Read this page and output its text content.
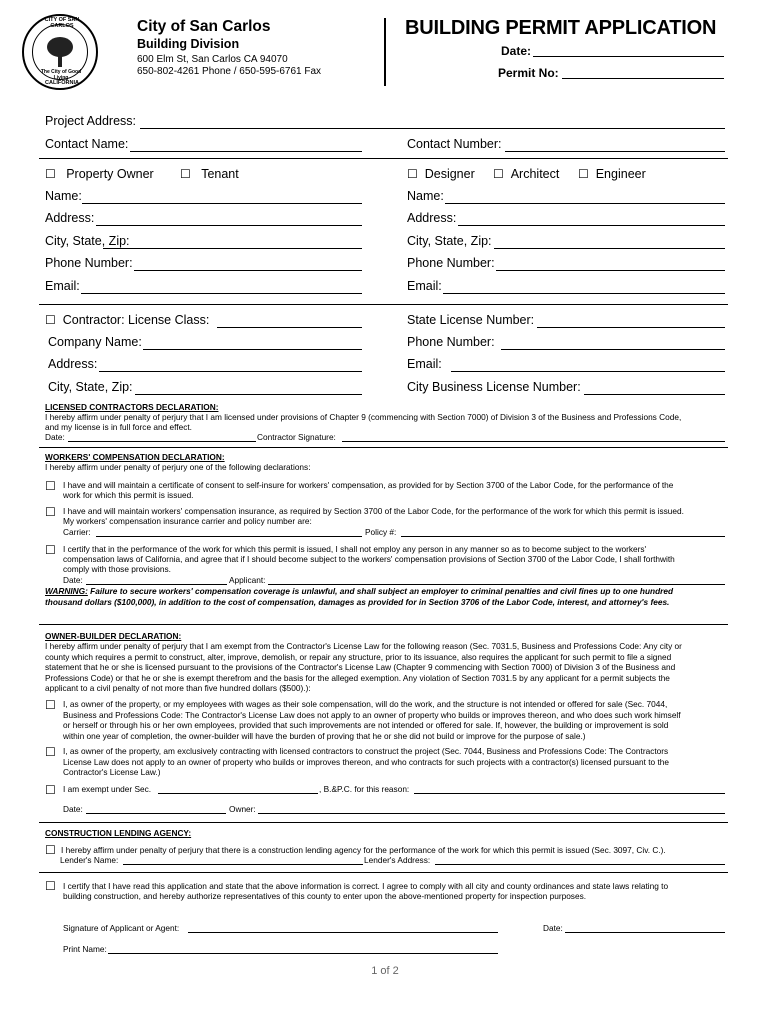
The City of Good Living
CITY OF SAN CARLOS
CALIFORNIA
City of San Carlos
Building Division
600 Elm St, San Carlos CA 94070
650-802-4261 Phone / 650-595-6761 Fax
BUILDING PERMIT APPLICATION
Date:
Permit No:
Project Address:
Contact Name:	Contact Number:
☐ Property Owner ☐ Tenant
Name:
Address:
City, State, Zip:
Phone Number:
Email:
☐ Designer ☐ Architect ☐ Engineer
Name:
Address:
City, State, Zip:
Phone Number:
Email:
☐ Contractor: License Class:
Company Name:
Address:
City, State, Zip:
State License Number:
Phone Number:
Email:
City Business License Number:
LICENSED CONTRACTORS DECLARATION:
I hereby affirm under penalty of perjury that I am licensed under provisions of Chapter 9 (commencing with Section 7000) of Division 3 of the Business and Professions Code,
and my license is in full force and effect.
Date:	Contractor Signature:
WORKERS' COMPENSATION DECLARATION:
I hereby affirm under penalty of perjury one of the following declarations:
☐ I have and will maintain a certificate of consent to self-insure for workers' compensation, as provided for by Section 3700 of the Labor Code, for the performance of the
work for which this permit is issued.
☐ I have and will maintain workers' compensation insurance, as required by Section 3700 of the Labor Code, for the performance of the work for which this permit is issued.
My workers' compensation insurance carrier and policy number are:
Carrier:	Policy #:
☐ I certify that in the performance of the work for which this permit is issued, I shall not employ any person in any manner so as to become subject to the workers'
compensation laws of California, and agree that if I should become subject to the workers' compensation provisions of Section 3700 of the Labor Code, I shall forthwith
comply with those provisions.
Date:	Applicant:
WARNING: Failure to secure workers' compensation coverage is unlawful, and shall subject an employer to criminal penalties and civil fines up to one hundred
thousand dollars ($100,000), in addition to the cost of compensation, damages as provided for in Section 3706 of the Labor Code, interest, and attorney's fees.
OWNER-BUILDER DECLARATION:
I hereby affirm under penalty of perjury that I am exempt from the Contractor's License Law for the following reason (Sec. 7031.5, Business and Professions Code: Any city or
county which requires a permit to construct, alter, improve, demolish, or repair any structure, prior to its issuance, also requires the applicant for such permit to file a signed
statement that he or she is licensed pursuant to the provisions of the Contractor's License Law (Chapter 9 commencing with Section 7000) of Division 3 of the Business and
Professions Code) or that he or she is exempt therefrom and the basis for the alleged exemption. Any violation of Section 7031.5 by any applicant for a permit subjects the
applicant to a civil penalty of not more than five hundred dollars ($500).):
☐ I, as owner of the property, or my employees with wages as their sole compensation, will do the work, and the structure is not intended or offered for sale (Sec. 7044,
Business and Professions Code: The Contractor's License Law does not apply to an owner of property who builds or improves thereon, and who does such work himself
or herself or through his or her own employees, provided that such improvements are not intended or offered for sale. If, however, the building or improvement is sold
within one year of completion, the owner-builder will have the burden of proving that he or she did not build or improve for the purpose of sale.)
☐ I, as owner of the property, am exclusively contracting with licensed contractors to construct the project (Sec. 7044, Business and Professions Code: The Contractors
License Law does not apply to an owner of property who builds or improves thereon, and who contracts for such projects with a contractor(s) licensed pursuant to the
Contractor's License Law.)
☐ I am exempt under Sec.	, B.&P.C. for this reason:
Date:	Owner:
CONSTRUCTION LENDING AGENCY:
☐ I hereby affirm under penalty of perjury that there is a construction lending agency for the performance of the work for which this permit is issued (Sec. 3097, Civ. C.).
Lender's Name:	Lender's Address:
☐ I certify that I have read this application and state that the above information is correct. I agree to comply with all city and county ordinances and state laws relating to
building construction, and hereby authorize representatives of this county to enter upon the above-mentioned property for inspection purposes.
Signature of Applicant or Agent:	Date:
Print Name:
1 of 2
